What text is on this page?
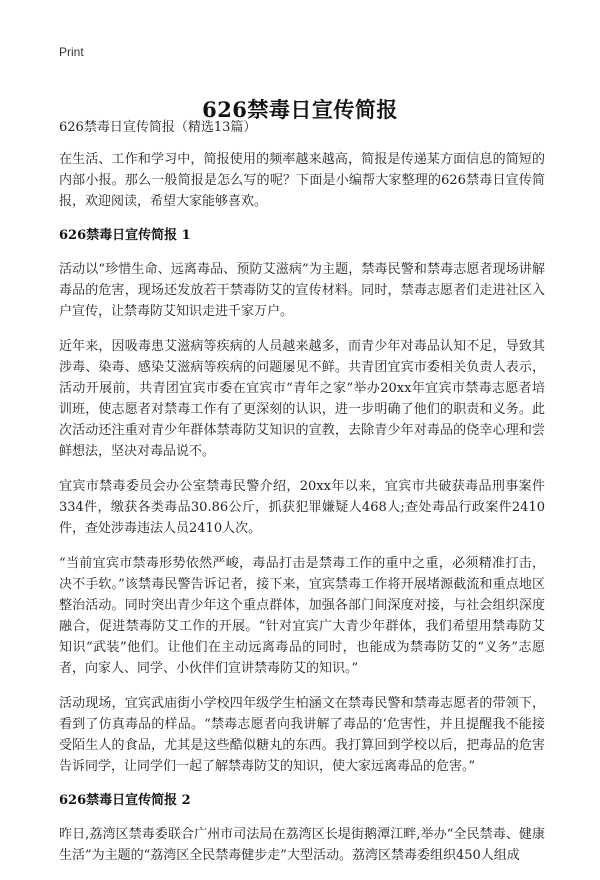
Print
626禁毒日宣传简报
626禁毒日宣传简报（精选13篇）

在生活、工作和学习中，简报使用的频率越来越高，简报是传递某方面信息的简短的内部小报。那么一般简报是怎么写的呢？下面是小编帮大家整理的626禁毒日宣传简报，欢迎阅读，希望大家能够喜欢。

626禁毒日宣传简报 1

活动以“珍惜生命、远离毒品、预防艾滋病”为主题，禁毒民警和禁毒志愿者现场讲解毒品的危害，现场还发放若干禁毒防艾的宣传材料。同时，禁毒志愿者们走进社区入户宣传，让禁毒防艾知识走进千家万户。

近年来，因吸毒患艾滋病等疾病的人员越来越多，而青少年对毒品认知不足，导致其涉毒、染毒、感染艾滋病等疾病的问题屡见不鲜。共青团宜宾市委相关负责人表示，活动开展前，共青团宜宾市委在宜宾市“青年之家”举办20xx年宜宾市禁毒志愿者培训班，使志愿者对禁毒工作有了更深刻的认识，进一步明确了他们的职责和义务。此次活动还注重对青少年群体禁毒防艾知识的宣教，去除青少年对毒品的侥幸心理和尝鲜想法，坚决对毒品说不。

宜宾市禁毒委员会办公室禁毒民警介绍，20xx年以来，宜宾市共破获毒品刑事案件334件，缴获各类毒品30.86公斤，抓获犯罪嫌疑人468人;查处毒品行政案件2410件，查处涉毒违法人员2410人次。

“当前宜宾市禁毒形势依然严峻，毒品打击是禁毒工作的重中之重，必须精准打击，决不手软。”该禁毒民警告诉记者，接下来，宜宾禁毒工作将开展堵源截流和重点地区整治活动。同时突出青少年这个重点群体，加强各部门间深度对接，与社会组织深度融合，促进禁毒防艾工作的开展。“针对宜宾广大青少年群体，我们希望用禁毒防艾知识“武装”他们。让他们在主动远离毒品的同时，也能成为禁毒防艾的“义务”志愿者，向家人、同学、小伙伴们宣讲禁毒防艾的知识。”

活动现场，宜宾武庙街小学校四年级学生柏涵文在禁毒民警和禁毒志愿者的带领下，看到了仿真毒品的样品。“禁毒志愿者向我讲解了毒品的‘危害性，并且提醒我不能接受陌生人的食品，尤其是这些酷似糖丸的东西。我打算回到学校以后，把毒品的危害告诉同学，让同学们一起了解禁毒防艾的知识，使大家远离毒品的危害。”

626禁毒日宣传简报 2

昨日,荔湾区禁毒委联合广州市司法局在荔湾区长堤街鹅潭江畔,举办“全民禁毒、健康生活”为主题的“荔湾区全民禁毒健步走”大型活动。荔湾区禁毒委组织450人组成
